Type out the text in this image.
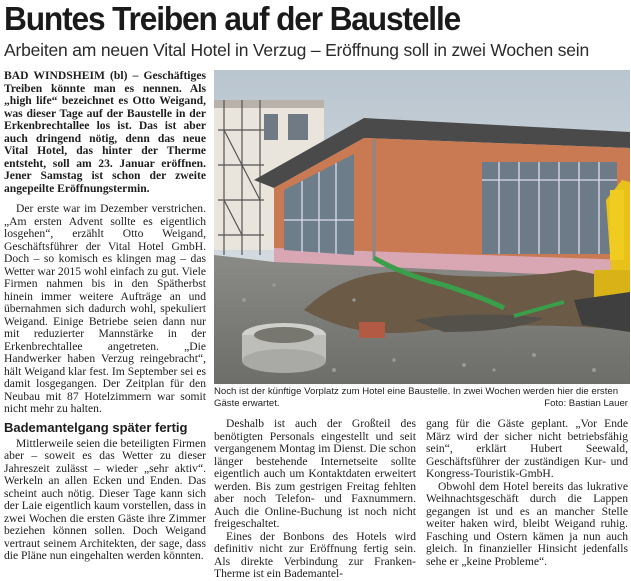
Buntes Treiben auf der Baustelle
Arbeiten am neuen Vital Hotel in Verzug – Eröffnung soll in zwei Wochen sein

BAD WINDSHEIM (bl) – Geschäftiges Treiben könnte man es nennen. Als „high life“ bezeichnet es Otto Weigand, was dieser Tage auf der Baustelle in der Erkenbrechtallee los ist. Das ist aber auch dringend nötig, denn das neue Vital Hotel, das hinter der Therme entsteht, soll am 23. Januar eröffnen. Jener Samstag ist schon der zweite angepeilte Eröffnungstermin.

Der erste war im Dezember verstrichen. „Am ersten Advent sollte es eigentlich losgehen“, erzählt Otto Weigand, Geschäftsführer der Vital Hotel GmbH. Doch – so komisch es klingen mag – das Wetter war 2015 wohl einfach zu gut. Viele Firmen nahmen bis in den Spätherbst hinein immer weitere Aufträge an und übernahmen sich dadurch wohl, spekuliert Weigand. Einige Betriebe seien dann nur mit reduzierter Mannstärke in der Erkenbrechtallee angetreten. „Die Handwerker haben Verzug reingebracht“, hält Weigand klar fest. Im September sei es damit losgegangen. Der Zeitplan für den Neubau mit 87 Hotelzimmern war somit nicht mehr zu halten.

Bademantelgang später fertig

Mittlerweile seien die beteiligten Firmen aber – soweit es das Wetter zu dieser Jahreszeit zulässt – wieder „sehr aktiv“. Werkeln an allen Ecken und Enden. Das scheint auch nötig. Dieser Tage kann sich der Laie eigentlich kaum vorstellen, dass in zwei Wochen die ersten Gäste ihre Zimmer beziehen können sollen. Doch Weigand vertraut seinem Architekten, der sage, dass die Pläne nun eingehalten werden könnten.

Noch ist der künftige Vorplatz zum Hotel eine Baustelle. In zwei Wochen werden hier die ersten Gäste erwartet.	Foto: Bastian Lauer

Deshalb ist auch der Großteil des benötigten Personals eingestellt und seit vergangenem Montag im Dienst. Die schon länger bestehende Internetseite sollte eigentlich auch um Kontaktdaten erweitert werden. Bis zum gestrigen Freitag fehlten aber noch Telefon- und Faxnummern. Auch die Online-Buchung ist noch nicht freigeschaltet.

Eines der Bonbons des Hotels wird definitiv nicht zur Eröffnung fertig sein. Als direkte Verbindung zur Franken-Therme ist ein Bademantel-

gang für die Gäste geplant. „Vor Ende März wird der sicher nicht betriebsfähig sein“, erklärt Hubert Seewald, Geschäftsführer der zuständigen Kur- und Kongress-Touristik-GmbH.

Obwohl dem Hotel bereits das lukrative Weihnachtsgeschäft durch die Lappen gegangen ist und es an mancher Stelle weiter haken wird, bleibt Weigand ruhig. Fasching und Ostern kämen ja nun auch gleich. In finanzieller Hinsicht jedenfalls sehe er „keine Probleme“.
